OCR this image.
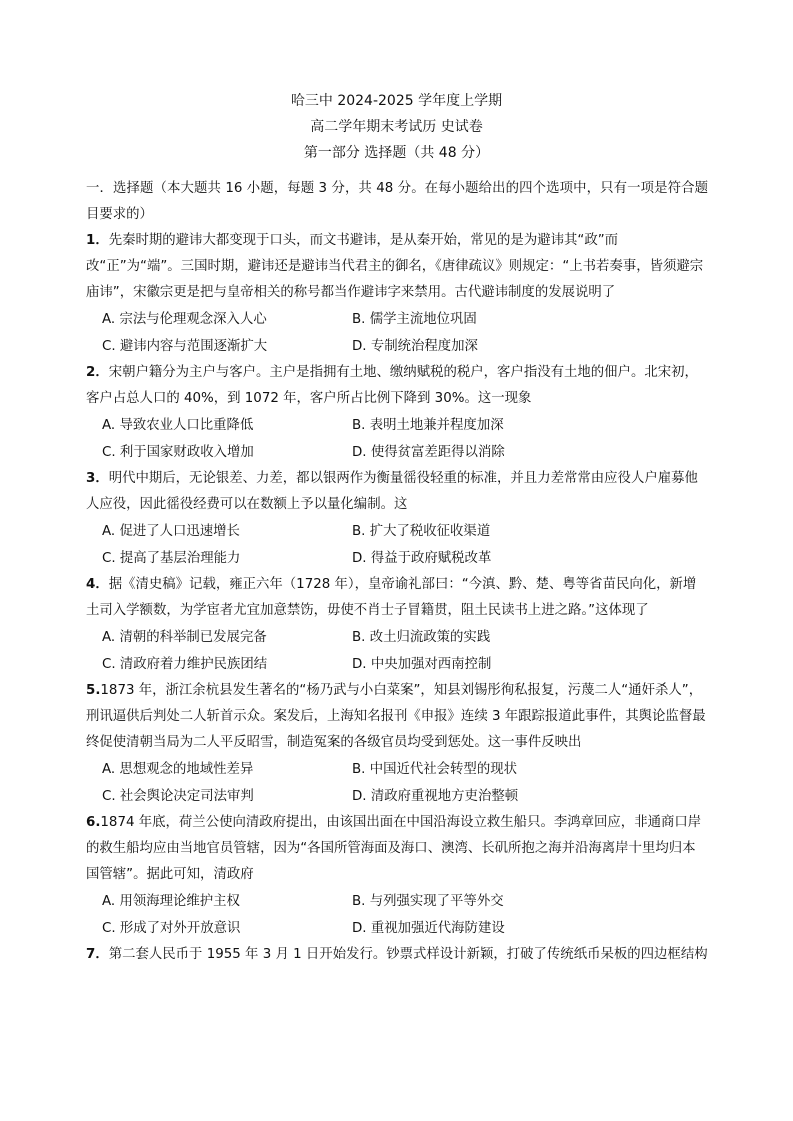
哈三中 2024-2025 学年度上学期
高二学年期末考试历 史试卷
第一部分 选择题（共 48 分）

一．选择题（本大题共 16 小题，每题 3 分，共 48 分。在每小题给出的四个选项中，只有一项是符合题目要求的）

1．先秦时期的避讳大都变现于口头，而文书避讳，是从秦开始，常见的是为避讳其“政”而改“正”为“端”。三国时期，避讳还是避讳当代君主的御名，《唐律疏议》则规定：“上书若奏事，皆须避宗庙讳”，宋徽宗更是把与皇帝相关的称号都当作避讳字来禁用。古代避讳制度的发展说明了

A. 宗法与伦理观念深入人心	B. 儒学主流地位巩固
C. 避讳内容与范围逐渐扩大	D. 专制统治程度加深

2．宋朝户籍分为主户与客户。主户是指拥有土地、缴纳赋税的税户，客户指没有土地的佃户。北宋初，客户占总人口的 40%，到 1072 年，客户所占比例下降到 30%。这一现象

A. 导致农业人口比重降低	B. 表明土地兼并程度加深
C. 利于国家财政收入增加	D. 使得贫富差距得以消除

3．明代中期后，无论银差、力差，都以银两作为衡量徭役轻重的标准，并且力差常常由应役人户雇募他人应役，因此徭役经费可以在数额上予以量化编制。这

A. 促进了人口迅速增长	B. 扩大了税收征收渠道
C. 提高了基层治理能力	D. 得益于政府赋税改革

4．据《清史稿》记载，雍正六年（1728 年），皇帝谕礼部曰：“今滇、黔、楚、粤等省苗民向化，新增土司入学额数，为学宦者尤宜加意禁饬，毋使不肖士子冒籍贯，阻土民读书上进之路。”这体现了

A. 清朝的科举制已发展完备	B. 改土归流政策的实践
C. 清政府着力维护民族团结	D. 中央加强对西南控制

5.1873 年，浙江余杭县发生著名的“杨乃武与小白菜案”，知县刘锡彤徇私报复，污蔑二人“通奸杀人”，刑讯逼供后判处二人斩首示众。案发后，上海知名报刊《申报》连续 3 年跟踪报道此事件，其舆论监督最终促使清朝当局为二人平反昭雪，制造冤案的各级官员均受到惩处。这一事件反映出

A. 思想观念的地域性差异	B. 中国近代社会转型的现状
C. 社会舆论决定司法审判	D. 清政府重视地方吏治整顿

6.1874 年底，荷兰公使向清政府提出，由该国出面在中国沿海设立救生船只。李鸿章回应，非通商口岸的救生船均应由当地官员管辖，因为“各国所管海面及海口、澳湾、长矶所抱之海并沿海离岸十里均归本国管辖”。据此可知，清政府

A. 用领海理论维护主权	B. 与列强实现了平等外交
C. 形成了对外开放意识	D. 重视加强近代海防建设

7．第二套人民币于 1955 年 3 月 1 日开始发行。钞票式样设计新颖，打破了传统纸币呆板的四边框结构
